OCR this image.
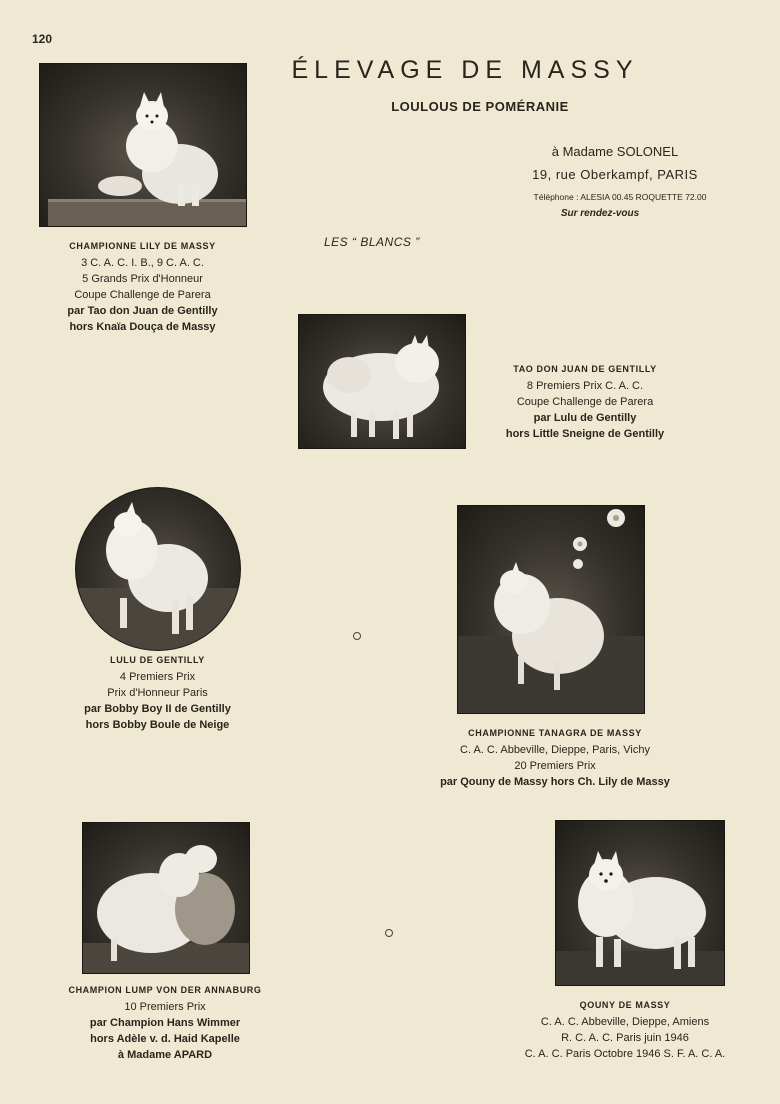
120
ÉLEVAGE DE MASSY
LOULOUS DE POMÉRANIE
à Madame SOLONEL
19, rue Oberkampf, PARIS
Téléphone : ALESIA 00.45 ROQUETTE 72.00
Sur rendez-vous
LES “ BLANCS ”
CHAMPIONNE LILY DE MASSY
3 C. A. C. I. B., 9 C. A. C.
5 Grands Prix d'Honneur
Coupe Challenge de Parera
par Tao don Juan de Gentilly
hors Knaïa Douça de Massy
TAO DON JUAN DE GENTILLY
8 Premiers Prix C. A. C.
Coupe Challenge de Parera
par Lulu de Gentilly
hors Little Sneigne de Gentilly
LULU DE GENTILLY
4 Premiers Prix
Prix d'Honneur Paris
par Bobby Boy II de Gentilly
hors Bobby Boule de Neige
CHAMPIONNE TANAGRA DE MASSY
C. A. C. Abbeville, Dieppe, Paris, Vichy
20 Premiers Prix
par Qouny de Massy hors Ch. Lily de Massy
CHAMPION LUMP VON DER ANNABURG
10 Premiers Prix
par Champion Hans Wimmer
hors Adèle v. d. Haid Kapelle
à Madame APARD
QOUNY DE MASSY
C. A. C. Abbeville, Dieppe, Amiens
R. C. A. C. Paris juin 1946
C. A. C. Paris Octobre 1946 S. F. A. C. A.
